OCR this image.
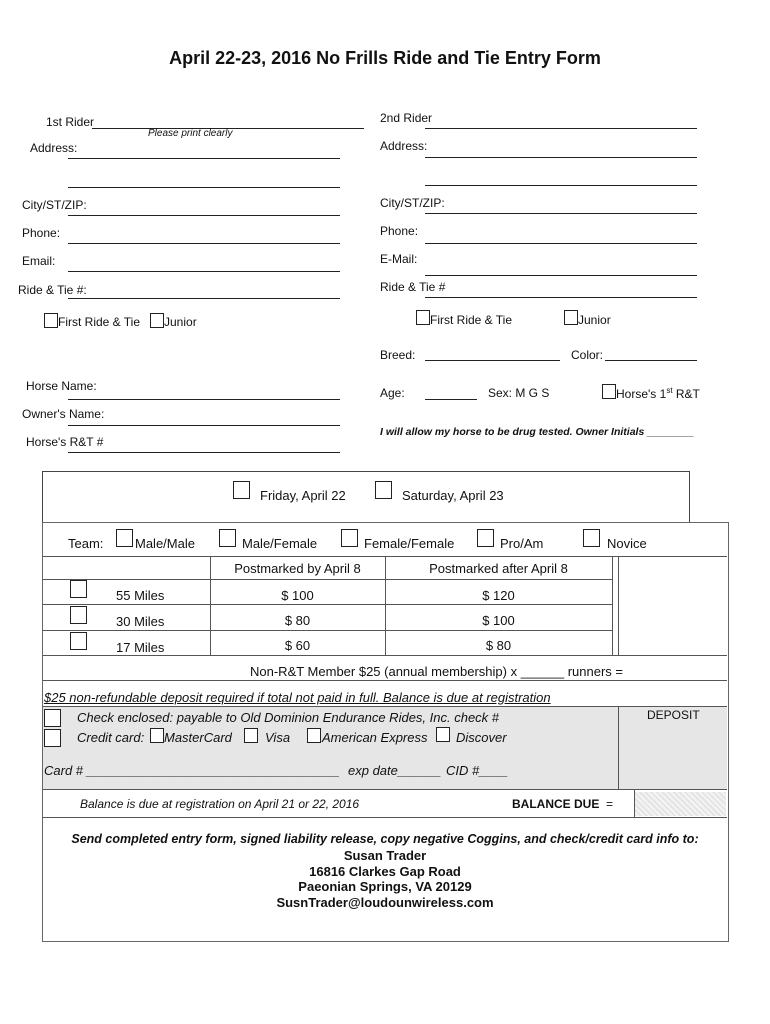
April 22-23, 2016 No Frills Ride and Tie Entry Form
1st Rider
Please print clearly
Address:
City/ST/ZIP:
Phone:
Email:
Ride & Tie #:
First Ride & Tie Junior
2nd Rider
Address:
City/ST/ZIP:
Phone:
E-Mail:
Ride & Tie #
First Ride & Tie	Junior
Breed:	Color:
Horse Name:
Owner's Name:
Horse's R&T #
Age:	Sex: M G S	Horse's 1st R&T
I will allow my horse to be drug tested. Owner Initials ________
Friday, April 22	Saturday, April 23
Team: Male/Male	Male/Female	Female/Female	Pro/Am	Novice
Postmarked by April 8	Postmarked after April 8
55 Miles	$ 100	$ 120
30 Miles	$ 80	$ 100
17 Miles	$ 60	$ 80
Non-R&T Member $25 (annual membership) x ______ runners =
$25 non-refundable deposit required if total not paid in full. Balance is due at registration
Check enclosed: payable to Old Dominion Endurance Rides, Inc. check #	DEPOSIT
Credit card: MasterCard	Visa American Express Discover
Card # ___________________________________ exp date______ CID #____
Balance is due at registration on April 21 or 22, 2016	BALANCE DUE =
Send completed entry form, signed liability release, copy negative Coggins, and check/credit card info to:
Susan Trader
16816 Clarkes Gap Road
Paeonian Springs, VA 20129
SusnTrader@loudounwireless.com
